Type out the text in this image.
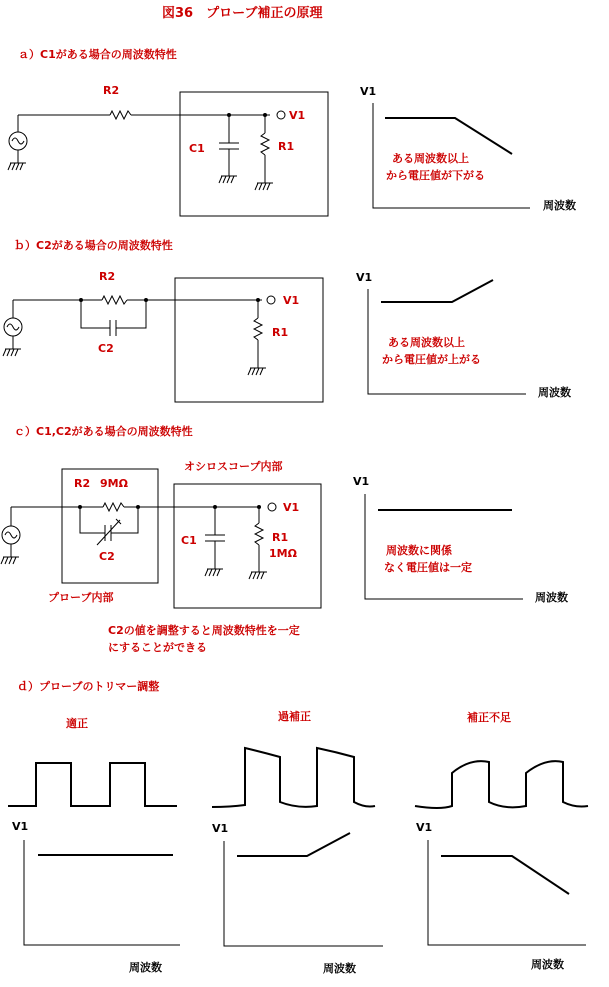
図36　プローブ補正の原理
ａ）C1がある場合の周波数特性
R2
V1
C1	R1
V1
ある周波数以上
から電圧値が下がる
周波数
ｂ）C2がある場合の周波数特性
R2
C2
V1
R1
V1
ある周波数以上
から電圧値が上がる
周波数
ｃ）C1,C2がある場合の周波数特性
オシロスコープ内部
プローブ内部
R2 9MΩ
C2
V1
C1	R1
1MΩ
V1
周波数に関係
なく電圧値は一定
周波数
C2の値を調整すると周波数特性を一定
にすることができる
ｄ）プローブのトリマー調整
適正
V1
周波数
過補正
V1
周波数
補正不足
V1
周波数
